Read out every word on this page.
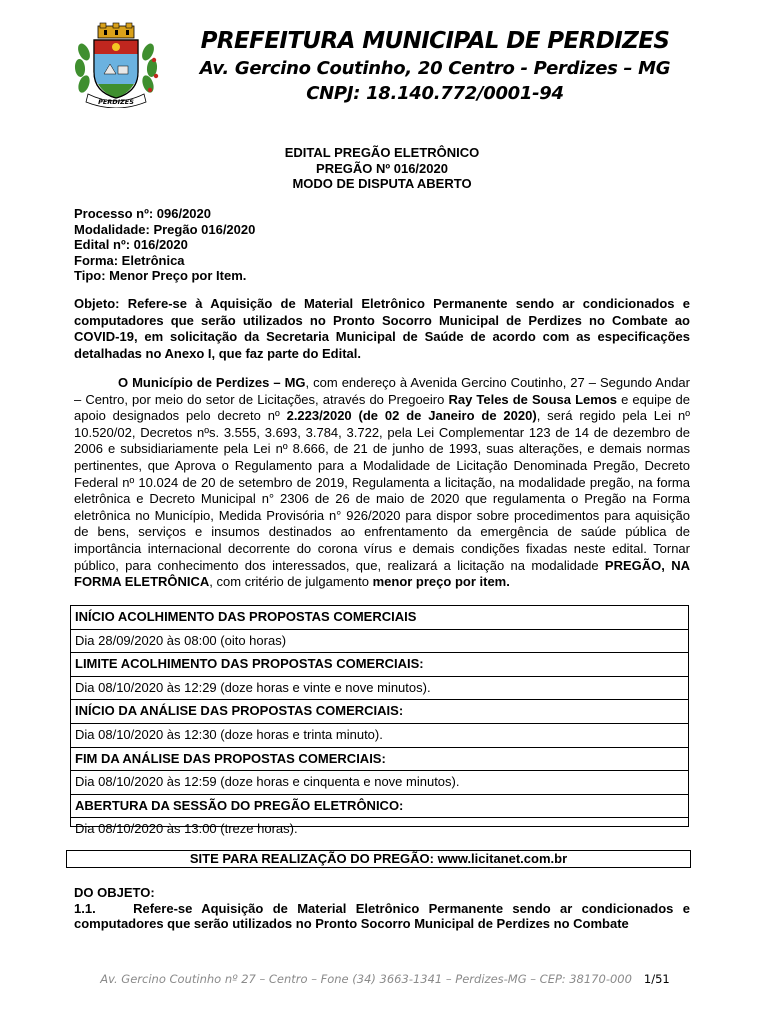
PERDIZES
PREFEITURA MUNICIPAL DE PERDIZES
Av. Gercino Coutinho, 20 Centro - Perdizes – MG
CNPJ: 18.140.772/0001-94
EDITAL PREGÃO ELETRÔNICO
PREGÃO Nº 016/2020
MODO DE DISPUTA ABERTO
Processo nº: 096/2020
Modalidade: Pregão 016/2020
Edital nº: 016/2020
Forma: Eletrônica
Tipo: Menor Preço por Item.

Objeto: Refere-se à Aquisição de Material Eletrônico Permanente sendo ar condicionados e computadores que serão utilizados no Pronto Socorro Municipal de Perdizes no Combate ao COVID-19, em solicitação da Secretaria Municipal de Saúde de acordo com as especificações detalhadas no Anexo I, que faz parte do Edital.

O Município de Perdizes – MG, com endereço à Avenida Gercino Coutinho, 27 – Segundo Andar – Centro, por meio do setor de Licitações, através do Pregoeiro Ray Teles de Sousa Lemos e equipe de apoio designados pelo decreto nº 2.223/2020 (de 02 de Janeiro de 2020), será regido pela Lei nº 10.520/02, Decretos nºs. 3.555, 3.693, 3.784, 3.722, pela Lei Complementar 123 de 14 de dezembro de 2006 e subsidiariamente pela Lei nº 8.666, de 21 de junho de 1993, suas alterações, e demais normas pertinentes, que Aprova o Regulamento para a Modalidade de Licitação Denominada Pregão, Decreto Federal nº 10.024 de 20 de setembro de 2019, Regulamenta a licitação, na modalidade pregão, na forma eletrônica e Decreto Municipal n° 2306 de 26 de maio de 2020 que regulamenta o Pregão na Forma eletrônica no Município, Medida Provisória n° 926/2020 para dispor sobre procedimentos para aquisição de bens, serviços e insumos destinados ao enfrentamento da emergência de saúde pública de importância internacional decorrente do corona vírus e demais condições fixadas neste edital. Tornar público, para conhecimento dos interessados, que, realizará a licitação na modalidade PREGÃO, NA FORMA ELETRÔNICA, com critério de julgamento menor preço por item.

INÍCIO ACOLHIMENTO DAS PROPOSTAS COMERCIAIS
Dia 28/09/2020 às 08:00 (oito horas)
LIMITE ACOLHIMENTO DAS PROPOSTAS COMERCIAIS:
Dia 08/10/2020 às 12:29 (doze horas e vinte e nove minutos).
INÍCIO DA ANÁLISE DAS PROPOSTAS COMERCIAIS:
Dia 08/10/2020 às 12:30 (doze horas e trinta minuto).
FIM DA ANÁLISE DAS PROPOSTAS COMERCIAIS:
Dia 08/10/2020 às 12:59 (doze horas e cinquenta e nove minutos).
ABERTURA DA SESSÃO DO PREGÃO ELETRÔNICO:
Dia 08/10/2020 às 13:00 (treze horas).
SITE PARA REALIZAÇÃO DO PREGÃO: www.licitanet.com.br
DO OBJETO:
1.1.    Refere-se Aquisição de Material Eletrônico Permanente sendo ar condicionados e computadores que serão utilizados no Pronto Socorro Municipal de Perdizes no Combate
Av. Gercino Coutinho nº 27 – Centro – Fone (34) 3663-1341 – Perdizes-MG – CEP: 38170-000 1/51
